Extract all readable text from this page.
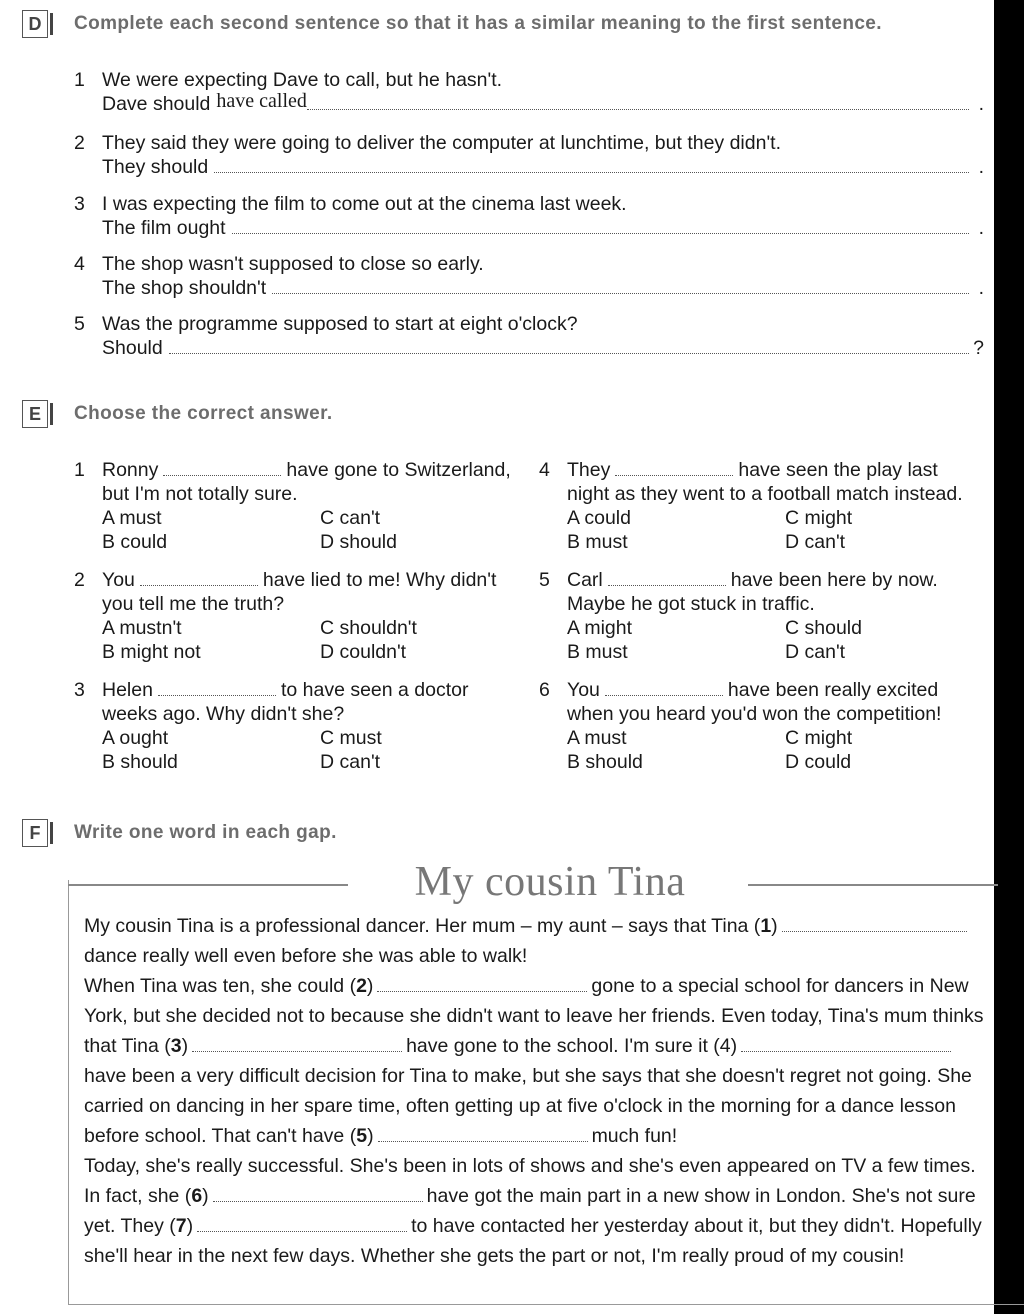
D	Complete each second sentence so that it has a similar meaning to the first sentence.
1 We were expecting Dave to call, but he hasn't.
Dave should have called	.
2 They said they were going to deliver the computer at lunchtime, but they didn't.
They should	.
3 I was expecting the film to come out at the cinema last week.
The film ought	.
4 The shop wasn't supposed to close so early.
The shop shouldn't	.
5 Was the programme supposed to start at eight o'clock?
Should	?
E	Choose the correct answer.
1 Ronny	have gone to Switzerland,
but I'm not totally sure.
A must	C can't
B could	D should
2 You	have lied to me! Why didn't
you tell me the truth?
A mustn't	C shouldn't
B might not	D couldn't
3 Helen	to have seen a doctor
weeks ago. Why didn't she?
A ought	C must
B should	D can't
4 They	have seen the play last
night as they went to a football match instead.
A could	C might
B must	D can't
5 Carl	have been here by now.
Maybe he got stuck in traffic.
A might	C should
B must	D can't
6 You	have been really excited
when you heard you'd won the competition!
A must	C might
B should	D could
F	Write one word in each gap.
My cousin Tina
My cousin Tina is a professional dancer. Her mum – my aunt – says that Tina (1)
dance really well even before she was able to walk!
When Tina was ten, she could (2)	gone to a special school for dancers in New
York, but she decided not to because she didn't want to leave her friends. Even today, Tina's mum thinks
that Tina (3)	have gone to the school. I'm sure it (4)
have been a very difficult decision for Tina to make, but she says that she doesn't regret not going. She
carried on dancing in her spare time, often getting up at five o'clock in the morning for a dance lesson
before school. That can't have (5)	much fun!
Today, she's really successful. She's been in lots of shows and she's even appeared on TV a few times.
In fact, she (6)	have got the main part in a new show in London. She's not sure
yet. They (7)	to have contacted her yesterday about it, but they didn't. Hopefully
she'll hear in the next few days. Whether she gets the part or not, I'm really proud of my cousin!
